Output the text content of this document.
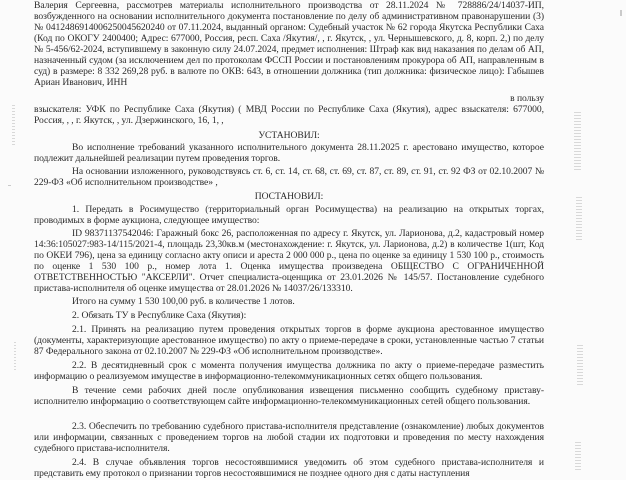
Валерия Сергеевна, рассмотрев материалы исполнительного производства от 28.11.2024 № 728886/24/14037-ИП, возбужденного на основании исполнительного документа постановление по делу об административном правонарушении (3) № 0412486914006250045620240 от 07.11.2024, выданный органом: Судебный участок № 62 города Якутска Республики Саха (Код по ОКОГУ 2400400; Адрес: 677000, Россия, респ. Саха /Якутия/, , г. Якутск, , ул. Чернышевского, д. 8, корп. 2,) по делу № 5-456/62-2024, вступившему в законную силу 24.07.2024, предмет исполнения: Штраф как вид наказания по делам об АП, назначенный судом (за исключением дел по протоколам ФССП России и постановлениям прокурора об АП, направленным в суд) в размере: 8 332 269,28 руб. в валюте по ОКВ: 643, в отношении должника (тип должника: физическое лицо): Габышев Ариан Иванович, ИНН
в пользу
взыскателя: УФК по Республике Саха (Якутия) ( МВД России по Республике Саха (Якутия), адрес взыскателя: 677000, Россия, , , г. Якутск, , ул. Дзержинского, 16, 1, ,
УСТАНОВИЛ:
Во исполнение требований указанного исполнительного документа 28.11.2025 г. арестовано имущество, которое подлежит дальнейшей реализации путем проведения торгов.
На основании изложенного, руководствуясь ст. 6, ст. 14, ст. 68, ст. 69, ст. 87, ст. 89, ст. 91, ст. 92 ФЗ от 02.10.2007 № 229-ФЗ «Об исполнительном производстве» ,
ПОСТАНОВИЛ:
1. Передать в Росимущество (территориальный орган Росимущества) на реализацию на открытых торгах, проводимых в форме аукциона, следующее имущество:
ID 98371137542046: Гаражный бокс 26, расположенная по адресу г. Якутск, ул. Ларионова, д.2, кадастровый номер 14:36:105027:983-14/115/2021-4, площадь 23,30кв.м (местонахождение: г. Якутск, ул. Ларионова, д.2) в количестве 1(шт, Код по ОКЕИ 796), цена за единицу согласно акту описи и ареста 2 000 000 р., цена по оценке за единицу 1 530 100 р., стоимость по оценке 1 530 100 р., номер лота 1. Оценка имущества произведена ОБЩЕСТВО С ОГРАНИЧЕННОЙ ОТВЕТСТВЕННОСТЬЮ "АКСЕРЛИ". Отчет специалиста-оценщика от 23.01.2026 № 145/57. Постановление судебного пристава-исполнителя об оценке имущества от 28.01.2026 № 14037/26/133310.
Итого на сумму 1 530 100,00 руб. в количестве 1 лотов.
2. Обязать ТУ в Республике Саха (Якутия):
2.1. Принять на реализацию путем проведения открытых торгов в форме аукциона арестованное имущество (документы, характеризующие арестованное имущество) по акту о приеме-передаче в сроки, установленные частью 7 статьи 87 Федерального закона от 02.10.2007 № 229-ФЗ «Об исполнительном производстве».
2.2. В десятидневный срок с момента получения имущества должника по акту о приеме-передаче разместить информацию о реализуемом имуществе в информационно-телекоммуникационных сетях общего пользования.
В течение семи рабочих дней после опубликования извещения письменно сообщить судебному приставу-исполнителю информацию о соответствующем сайте информационно-телекоммуникационных сетей общего пользования.
2.3. Обеспечить по требованию судебного пристава-исполнителя представление (ознакомление) любых документов или информации, связанных с проведением торгов на любой стадии их подготовки и проведения по месту нахождения судебного пристава-исполнителя.
2.4. В случае объявления торгов несостоявшимися уведомить об этом судебного пристава-исполнителя и представить ему протокол о признании торгов несостоявшимися не позднее одного дня с даты наступления
